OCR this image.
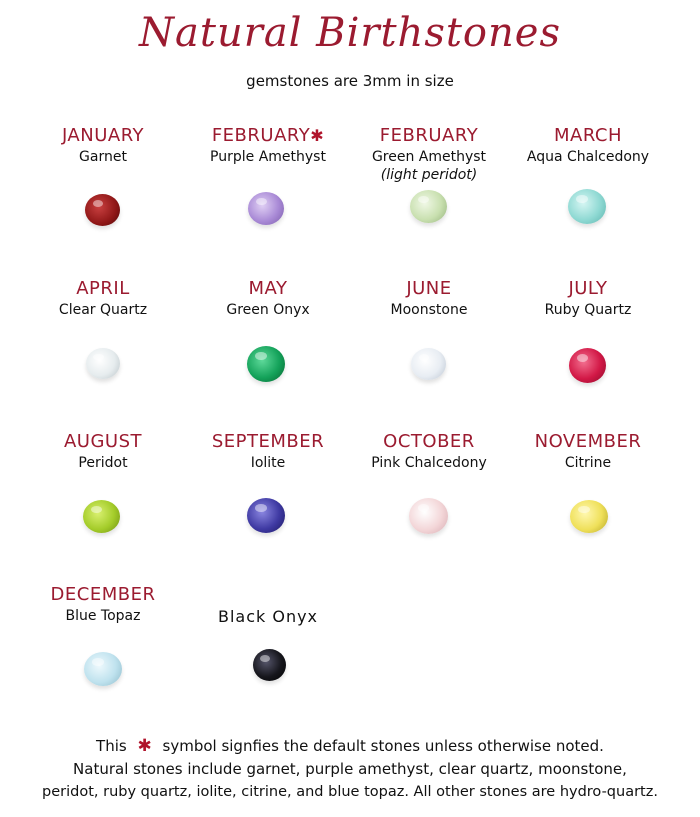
Natural Birthstones
gemstones are 3mm in size
JANUARY
Garnet
FEBRUARY✱
Purple Amethyst
FEBRUARY
Green Amethyst
(light peridot)
MARCH
Aqua Chalcedony
APRIL
Clear Quartz
MAY
Green Onyx
JUNE
Moonstone
JULY
Ruby Quartz
AUGUST
Peridot
SEPTEMBER
Iolite
OCTOBER
Pink Chalcedony
NOVEMBER
Citrine
DECEMBER
Blue Topaz	Black Onyx
This ✱ symbol signfies the default stones unless otherwise noted.
Natural stones include garnet, purple amethyst, clear quartz, moonstone,
peridot, ruby quartz, iolite, citrine, and blue topaz. All other stones are hydro-quartz.
